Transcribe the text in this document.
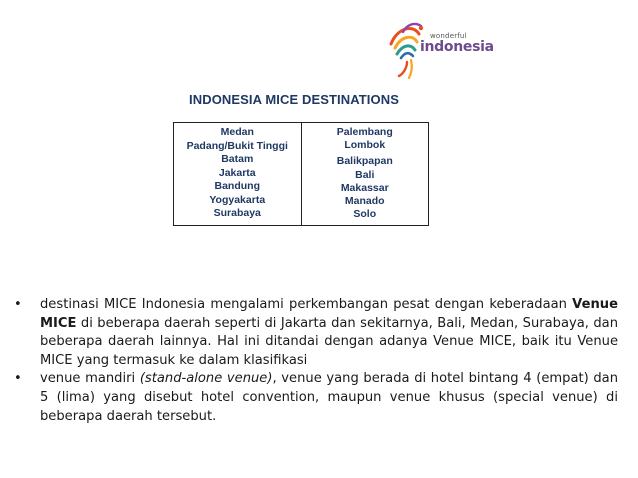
wonderful
indonesia
INDONESIA MICE DESTINATIONS
Medan
Padang/Bukit Tinggi
Batam
Jakarta
Bandung
Yogyakarta
Surabaya
Palembang
Lombok
Balikpapan
Bali
Makassar
Manado
Solo
• destinasi MICE Indonesia mengalami perkembangan pesat dengan keberadaan Venue MICE di beberapa daerah seperti di Jakarta dan sekitarnya, Bali, Medan, Surabaya, dan beberapa daerah lainnya. Hal ini ditandai dengan adanya Venue MICE, baik itu Venue MICE yang termasuk ke dalam klasifikasi
• venue mandiri (stand-alone venue), venue yang berada di hotel bintang 4 (empat) dan 5 (lima) yang disebut hotel convention, maupun venue khusus (special venue) di beberapa daerah tersebut.
